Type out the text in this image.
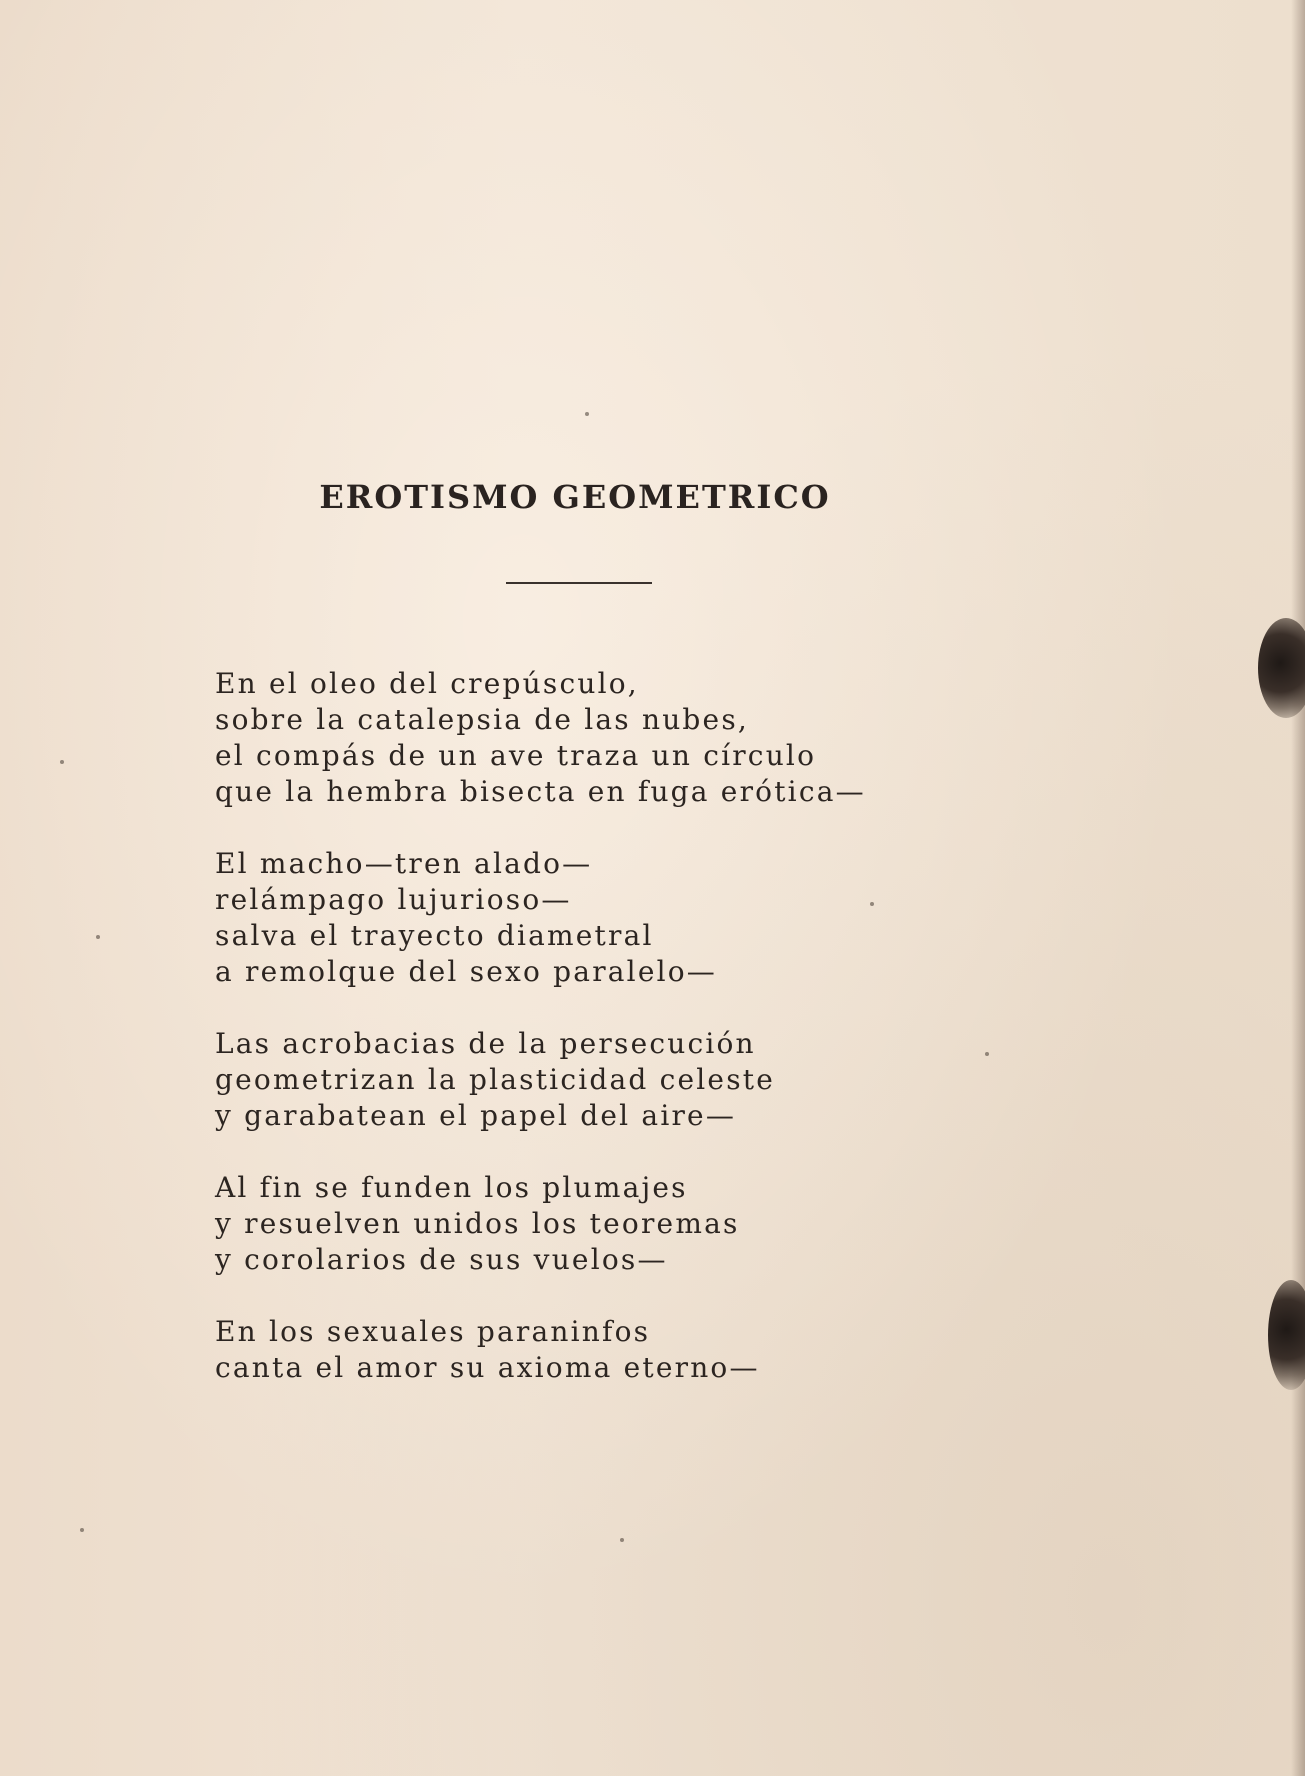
EROTISMO GEOMETRICO
En el oleo del crepúsculo,
sobre la catalepsia de las nubes,
el compás de un ave traza un círculo
que la hembra bisecta en fuga erótica—
El macho—tren alado—
relámpago lujurioso—
salva el trayecto diametral
a remolque del sexo paralelo—
Las acrobacias de la persecución
geometrizan la plasticidad celeste
y garabatean el papel del aire—
Al fin se funden los plumajes
y resuelven unidos los teoremas
y corolarios de sus vuelos—
En los sexuales paraninfos
canta el amor su axioma eterno—
